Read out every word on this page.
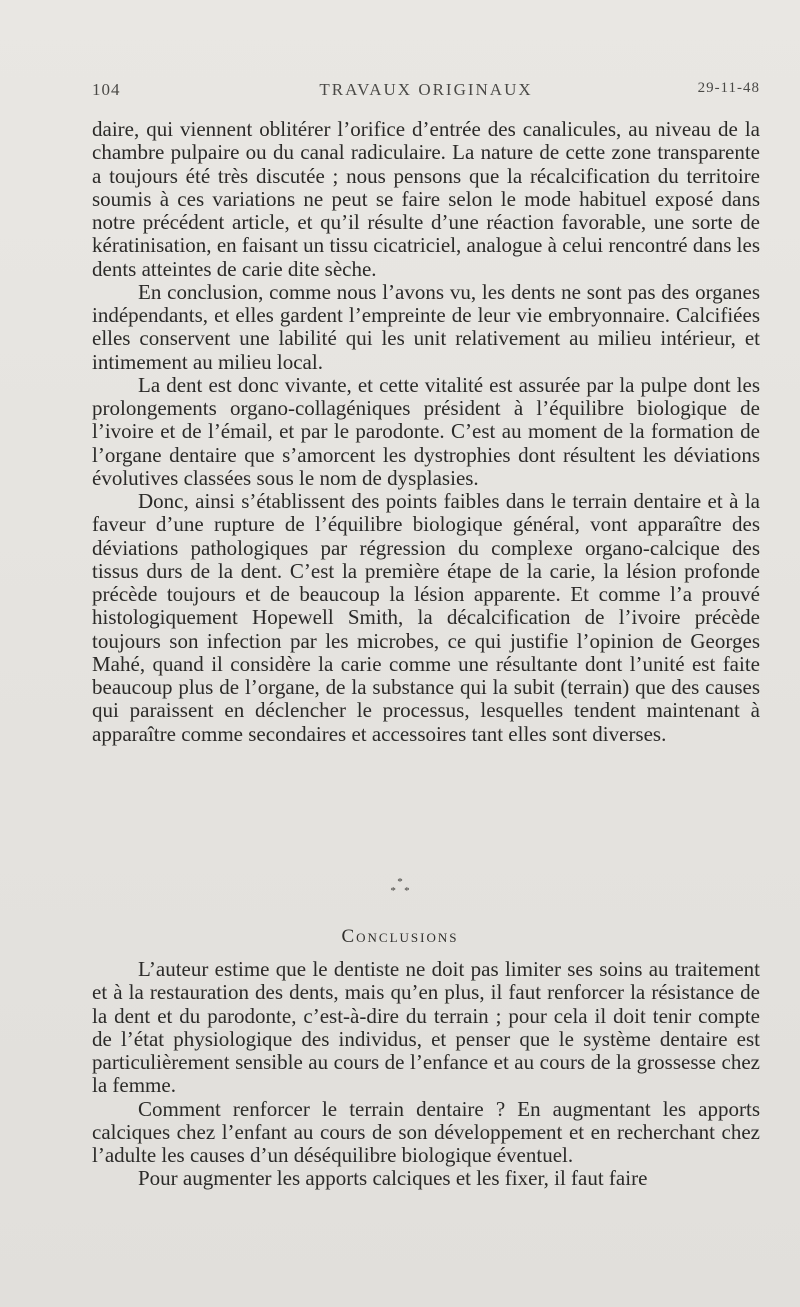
104	TRAVAUX ORIGINAUX	29-11-48

daire, qui viennent oblitérer l’orifice d’entrée des canalicules, au niveau de la chambre pulpaire ou du canal radiculaire. La nature de cette zone transparente a toujours été très discutée ; nous pensons que la récalcification du territoire soumis à ces variations ne peut se faire selon le mode habituel exposé dans notre précédent article, et qu’il résulte d’une réaction favorable, une sorte de kératinisation, en faisant un tissu cicatriciel, analogue à celui rencontré dans les dents atteintes de carie dite sèche.

En conclusion, comme nous l’avons vu, les dents ne sont pas des organes indépendants, et elles gardent l’empreinte de leur vie embryonnaire. Calcifiées elles conservent une labilité qui les unit relativement au milieu intérieur, et intimement au milieu local.

La dent est donc vivante, et cette vitalité est assurée par la pulpe dont les prolongements organo-collagéniques président à l’équilibre biologique de l’ivoire et de l’émail, et par le parodonte. C’est au moment de la formation de l’organe dentaire que s’amorcent les dystrophies dont résultent les déviations évolutives classées sous le nom de dysplasies.

Donc, ainsi s’établissent des points faibles dans le terrain dentaire et à la faveur d’une rupture de l’équilibre biologique général, vont apparaître des déviations pathologiques par régression du complexe organo-calcique des tissus durs de la dent. C’est la première étape de la carie, la lésion profonde précède toujours et de beaucoup la lésion apparente. Et comme l’a prouvé histologiquement Hopewell Smith, la décalcification de l’ivoire précède toujours son infection par les microbes, ce qui justifie l’opinion de Georges Mahé, quand il considère la carie comme une résultante dont l’unité est faite beaucoup plus de l’organe, de la substance qui la subit (terrain) que des causes qui paraissent en déclencher le processus, lesquelles tendent maintenant à apparaître comme secondaires et accessoires tant elles sont diverses.

*
*   *
Conclusions

L’auteur estime que le dentiste ne doit pas limiter ses soins au traitement et à la restauration des dents, mais qu’en plus, il faut renforcer la résistance de la dent et du parodonte, c’est-à-dire du terrain ; pour cela il doit tenir compte de l’état physiologique des individus, et penser que le système dentaire est particulièrement sensible au cours de l’enfance et au cours de la grossesse chez la femme.

Comment renforcer le terrain dentaire ? En augmentant les apports calciques chez l’enfant au cours de son développement et en recherchant chez l’adulte les causes d’un déséquilibre biologique éventuel.

Pour augmenter les apports calciques et les fixer, il faut faire
